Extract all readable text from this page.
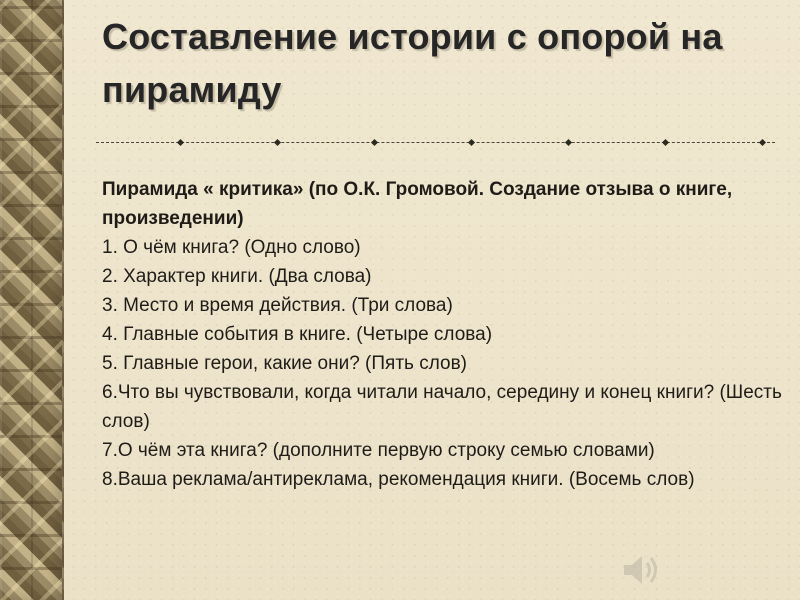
Составление истории с опорой на пирамиду

Пирамида « критика» (по О.К. Громовой. Создание отзыва о книге, произведении)

1. О чём книга? (Одно слово)
2. Характер книги. (Два слова)
3. Место и время действия. (Три слова)
4. Главные события в книге. (Четыре слова)
5. Главные герои, какие они? (Пять слов)
6.Что вы чувствовали, когда читали начало, середину и конец книги? (Шесть слов)
7.О чём эта книга? (дополните первую строку семью словами)
8.Ваша реклама/антиреклама, рекомендация книги. (Восемь слов)
